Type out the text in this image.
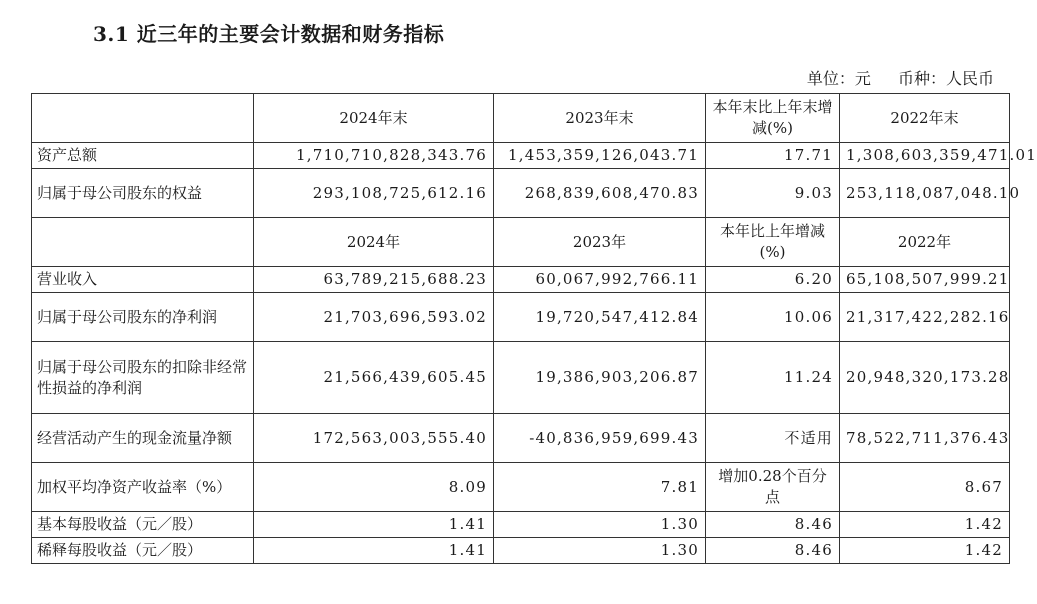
3.1 近三年的主要会计数据和财务指标
单位：元 币种：人民币
	2024年末	2023年末	本年末比上年末增减(%)	2022年末
资产总额	1,710,710,828,343.76	1,453,359,126,043.71	17.71	1,308,603,359,471.01
归属于母公司股东的权益	293,108,725,612.16	268,839,608,470.83	9.03	253,118,087,048.10
	2024年	2023年	本年比上年增减(%)	2022年
营业收入	63,789,215,688.23	60,067,992,766.11	6.20	65,108,507,999.21
归属于母公司股东的净利润	21,703,696,593.02	19,720,547,412.84	10.06	21,317,422,282.16
归属于母公司股东的扣除非经常性损益的净利润	21,566,439,605.45	19,386,903,206.87	11.24	20,948,320,173.28
经营活动产生的现金流量净额	172,563,003,555.40	-40,836,959,699.43	不适用	78,522,711,376.43
加权平均净资产收益率（%）	8.09	7.81	增加0.28个百分点	8.67
基本每股收益（元／股）	1.41	1.30	8.46	1.42
稀释每股收益（元／股）	1.41	1.30	8.46	1.42
